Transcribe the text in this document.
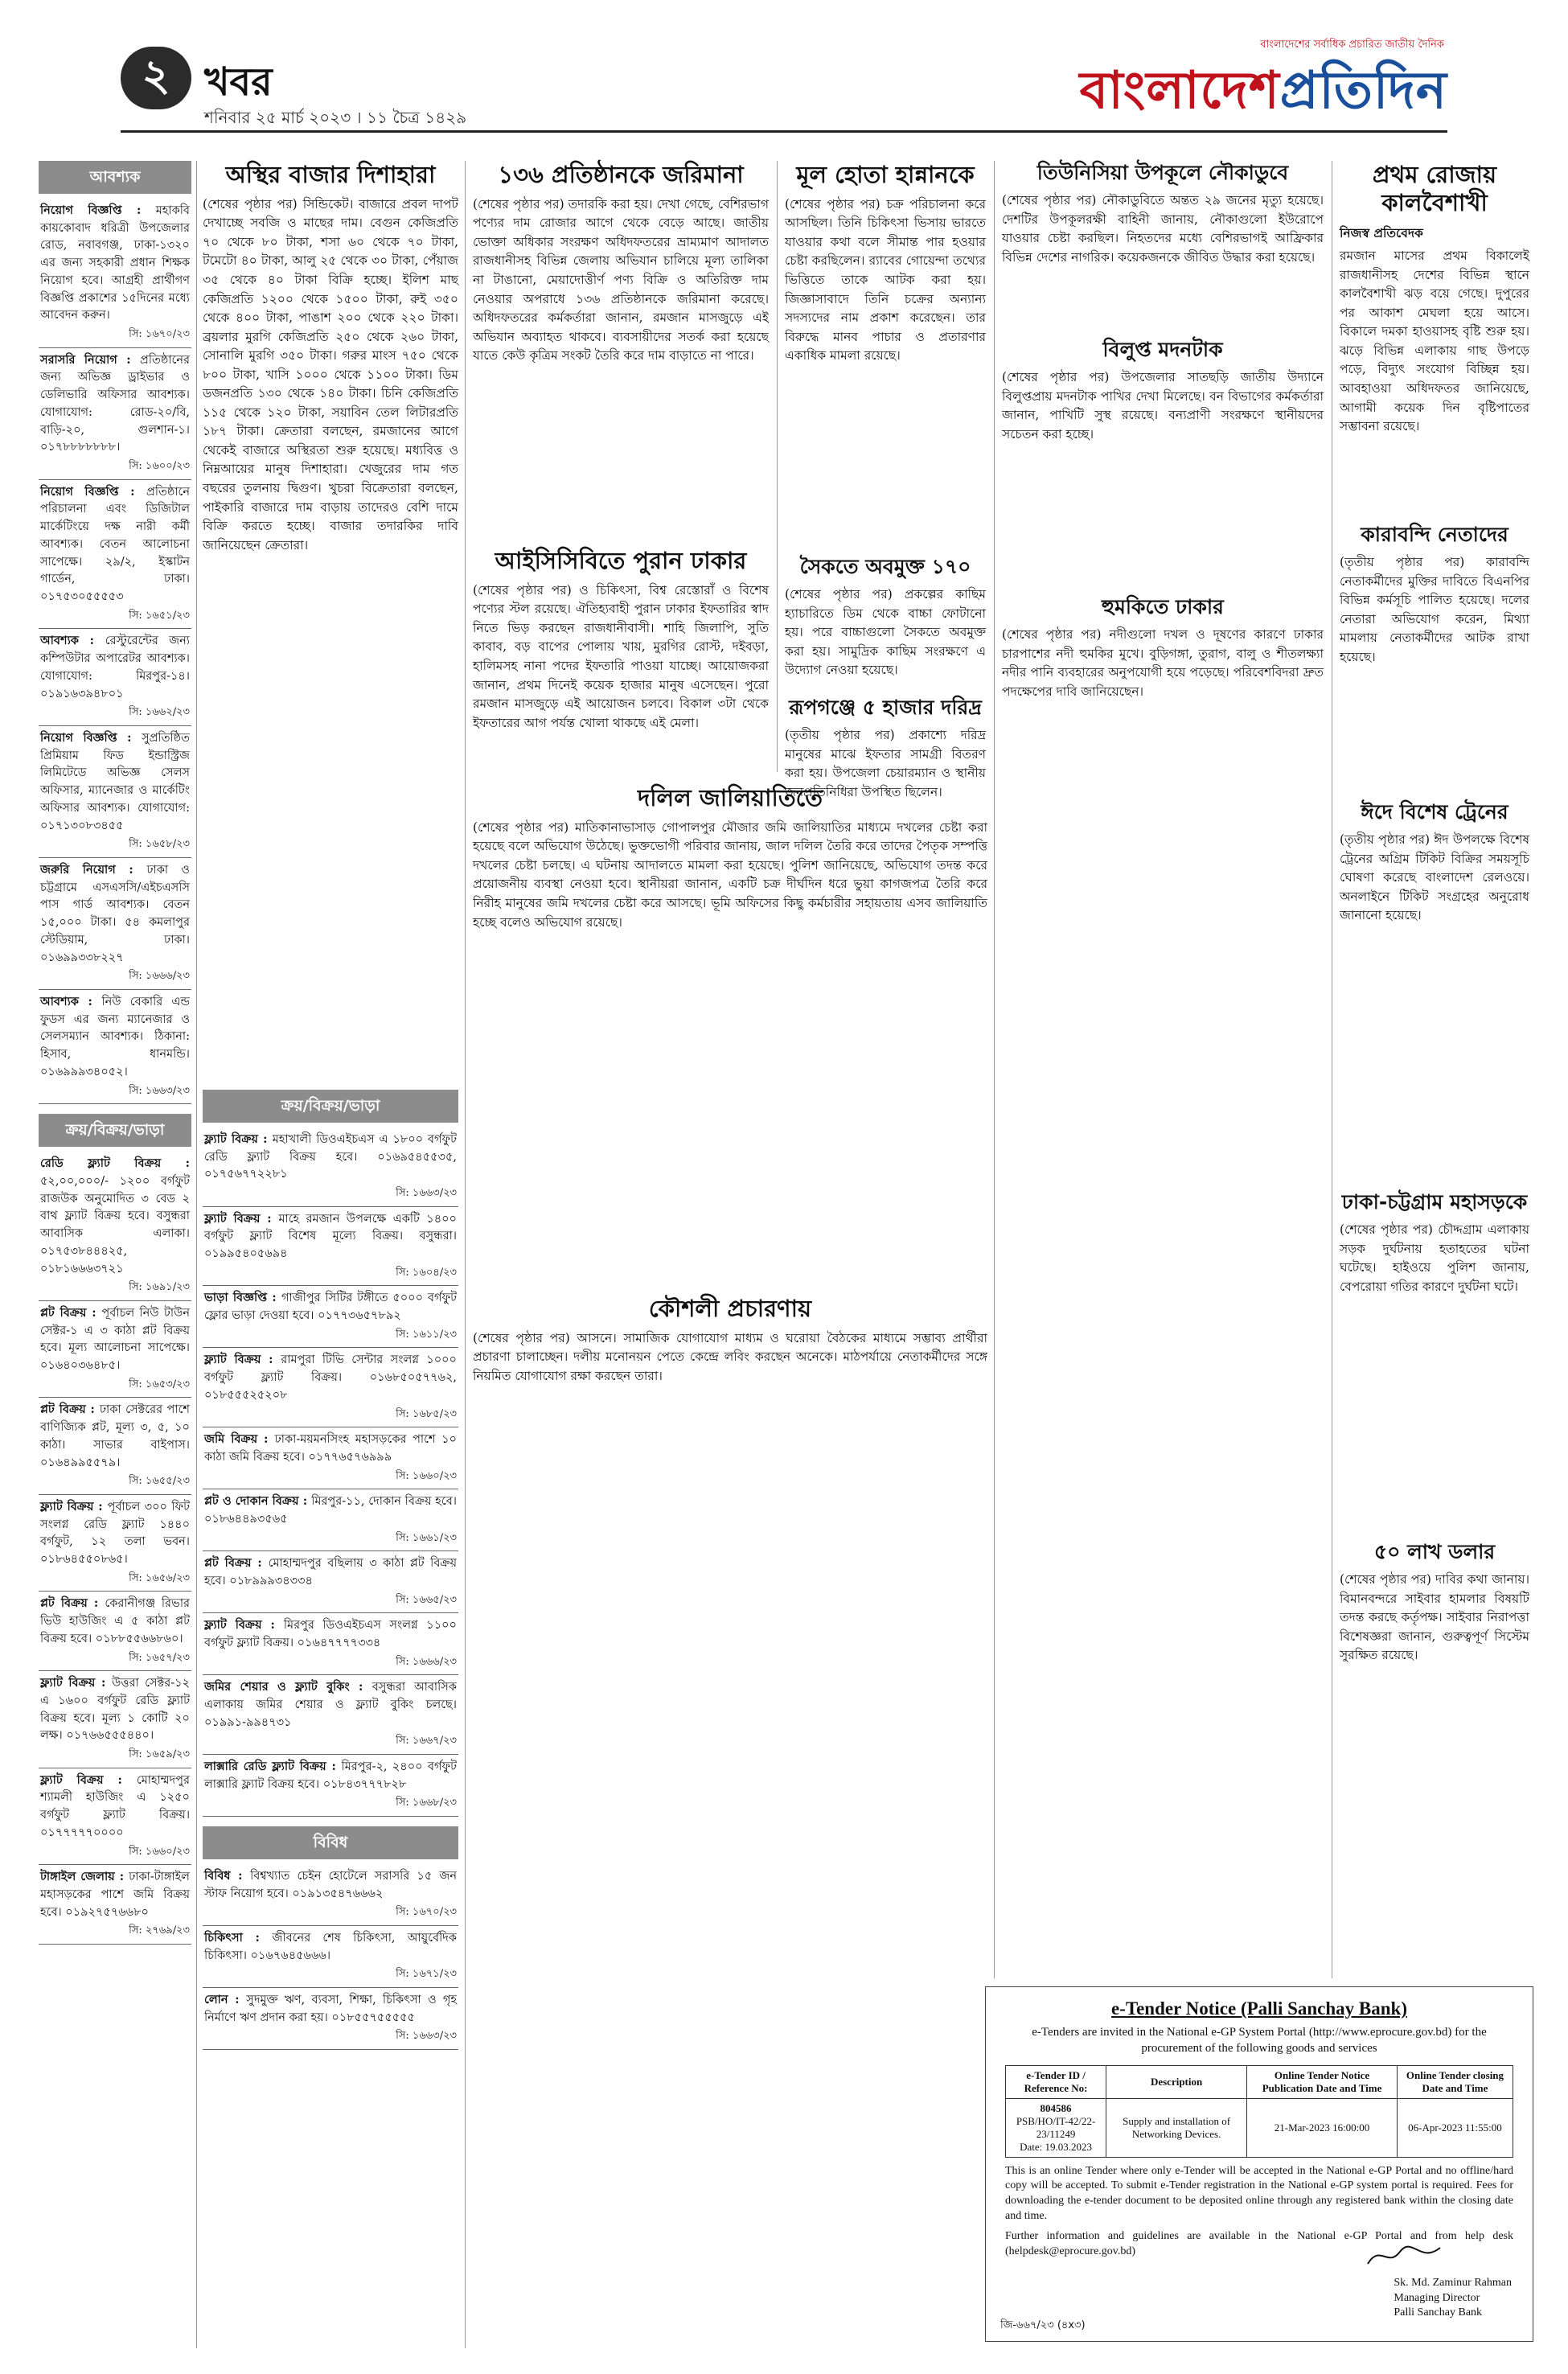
২ খবর
শনিবার ২৫ মার্চ ২০২৩ । ১১ চৈত্র ১৪২৯
বাংলাদেশের সর্বাধিক প্রচারিত জাতীয় দৈনিক
বাংলাদেশপ্রতিদিন
আবশ্যক
নিয়োগ বিজ্ঞপ্তি : মহাকবি কায়কোবাদ ধরিত্রী উপজেলার রোড, নবাবগঞ্জ, ঢাকা-১৩২০ এর জন্য সহকারী প্রধান শিক্ষক নিয়োগ হবে। আগ্রহী প্রার্থীগণ বিজ্ঞপ্তি প্রকাশের ১৫দিনের মধ্যে আবেদন করুন।
সি: ১৬৭০/২৩
সরাসরি নিয়োগ : প্রতিষ্ঠানের জন্য অভিজ্ঞ ড্রাইভার ও ডেলিভারি অফিসার আবশ্যক। যোগাযোগ: রোড-২০/বি, বাড়ি-২০, গুলশান-১। ০১৭৮৮৮৮৮৮৮।
সি: ১৬০০/২৩
নিয়োগ বিজ্ঞপ্তি : প্রতিষ্ঠানে পরিচালনা এবং ডিজিটাল মার্কেটিংয়ে দক্ষ নারী কর্মী আবশ্যক। বেতন আলোচনা সাপেক্ষে। ২৯/২, ইস্কাটন গার্ডেন, ঢাকা। ০১৭৫৩০৫৫৫৫৩
সি: ১৬৫১/২৩
আবশ্যক : রেস্টুরেন্টের জন্য কম্পিউটার অপারেটর আবশ্যক। যোগাযোগ: মিরপুর-১৪। ০১৯১৬৩৯৪৮০১
সি: ১৬৬২/২৩
নিয়োগ বিজ্ঞপ্তি : সুপ্রতিষ্ঠিত প্রিমিয়াম ফিড ইন্ডাস্ট্রিজ লিমিটেডে অভিজ্ঞ সেলস অফিসার, ম্যানেজার ও মার্কেটিং অফিসার আবশ্যক। যোগাযোগ: ০১৭১৩০৮৩৪৫৫
সি: ১৬৫৮/২৩
জরুরি নিয়োগ : ঢাকা ও চট্টগ্রামে এসএসসি/এইচএসসি পাস গার্ড আবশ্যক। বেতন ১৫,০০০ টাকা। ৫৪ কমলাপুর স্টেডিয়াম, ঢাকা। ০১৬৯৯৩৩৮২২৭
সি: ১৬৬৬/২৩
আবশ্যক : নিউ বেকারি এন্ড ফুডস এর জন্য ম্যানেজার ও সেলসম্যান আবশ্যক। ঠিকানা: হিসাব, ধানমন্ডি। ০১৬৯৯৯৩৪০৫২।
সি: ১৬৬৩/২৩
ক্রয়/বিক্রয়/ভাড়া
রেডি ফ্ল্যাট বিক্রয় : ৫২,০০,০০০/- ১২০০ বর্গফুট রাজউক অনুমোদিত ৩ বেড ২ বাথ ফ্ল্যাট বিক্রয় হবে। বসুন্ধরা আবাসিক এলাকা। ০১৭৫৩৮৪৪৪২৫, ০১৮১৬৬৬৩৭২১
সি: ১৬৯১/২৩
প্লট বিক্রয় : পূর্বাচল নিউ টাউন সেক্টর-১ এ ৩ কাঠা প্লট বিক্রয় হবে। মূল্য আলোচনা সাপেক্ষে। ০১৬৪০৩৬৪৮৫।
সি: ১৬৫৩/২৩
প্লট বিক্রয় : ঢাকা সেক্টরের পাশে বাণিজ্যিক প্লট, মূল্য ৩, ৫, ১০ কাঠা। সাভার বাইপাস। ০১৬৪৯৯৫৫৭৯।
সি: ১৬৫৫/২৩
ফ্ল্যাট বিক্রয় : পূর্বাচল ৩০০ ফিট সংলগ্ন রেডি ফ্ল্যাট ১৪৪০ বর্গফুট, ১২ তলা ভবন। ০১৮৬৪৫৫০৮৬৫।
সি: ১৬৫৬/২৩
প্লট বিক্রয় : কেরানীগঞ্জ রিভার ভিউ হাউজিং এ ৫ কাঠা প্লট বিক্রয় হবে। ০১৮৮৫৫৬৬৮৬০।
সি: ১৬৫৭/২৩
ফ্ল্যাট বিক্রয় : উত্তরা সেক্টর-১২ এ ১৬০০ বর্গফুট রেডি ফ্ল্যাট বিক্রয় হবে। মূল্য ১ কোটি ২০ লক্ষ। ০১৭৬৬৫৫৫৪৪০।
সি: ১৬৫৯/২৩
ফ্ল্যাট বিক্রয় : মোহাম্মদপুর শ্যামলী হাউজিং এ ১২৫০ বর্গফুট ফ্ল্যাট বিক্রয়। ০১৭৭৭৭৭০০০০
সি: ১৬৬০/২৩
টাঙ্গাইল জেলায় : ঢাকা-টাঙ্গাইল মহাসড়কের পাশে জমি বিক্রয় হবে। ০১৯২৭৫৭৬৬৮০
সি: ২৭৬৯/২৩
অস্থির বাজার দিশাহারা

(শেষের পৃষ্ঠার পর) সিন্ডিকেট। বাজারে প্রবল দাপট দেখাচ্ছে সবজি ও মাছের দাম। বেগুন কেজিপ্রতি ৭০ থেকে ৮০ টাকা, শসা ৬০ থেকে ৭০ টাকা, টমেটো ৪০ টাকা, আলু ২৫ থেকে ৩০ টাকা, পেঁয়াজ ৩৫ থেকে ৪০ টাকা বিক্রি হচ্ছে। ইলিশ মাছ কেজিপ্রতি ১২০০ থেকে ১৫০০ টাকা, রুই ৩৫০ থেকে ৪০০ টাকা, পাঙাশ ২০০ থেকে ২২০ টাকা। ব্রয়লার মুরগি কেজিপ্রতি ২৫০ থেকে ২৬০ টাকা, সোনালি মুরগি ৩৫০ টাকা। গরুর মাংস ৭৫০ থেকে ৮০০ টাকা, খাসি ১০০০ থেকে ১১০০ টাকা। ডিম ডজনপ্রতি ১৩০ থেকে ১৪০ টাকা। চিনি কেজিপ্রতি ১১৫ থেকে ১২০ টাকা, সয়াবিন তেল লিটারপ্রতি ১৮৭ টাকা। ক্রেতারা বলছেন, রমজানের আগে থেকেই বাজারে অস্থিরতা শুরু হয়েছে। মধ্যবিত্ত ও নিম্নআয়ের মানুষ দিশাহারা। খেজুরের দাম গত বছরের তুলনায় দ্বিগুণ। খুচরা বিক্রেতারা বলছেন, পাইকারি বাজারে দাম বাড়ায় তাদেরও বেশি দামে বিক্রি করতে হচ্ছে। বাজার তদারকির দাবি জানিয়েছেন ক্রেতারা।

ক্রয়/বিক্রয়/ভাড়া
ফ্ল্যাট বিক্রয় : মহাখালী ডিওএইচএস এ ১৮০০ বর্গফুট রেডি ফ্ল্যাট বিক্রয় হবে। ০১৬৯৫৪৫৫৩৫, ০১৭৫৬৭৭২২৮১
সি: ১৬৬৩/২৩
ফ্ল্যাট বিক্রয় : মাহে রমজান উপলক্ষে একটি ১৪০০ বর্গফুট ফ্ল্যাট বিশেষ মূল্যে বিক্রয়। বসুন্ধরা। ০১৯৯৫৪০৫৬৯৪
সি: ১৬০৪/২৩
ভাড়া বিজ্ঞপ্তি : গাজীপুর সিটির টঙ্গীতে ৫০০০ বর্গফুট ফ্লোর ভাড়া দেওয়া হবে। ০১৭৭৩৬৫৭৮৯২
সি: ১৬১১/২৩
ফ্ল্যাট বিক্রয় : রামপুরা টিভি সেন্টার সংলগ্ন ১০০০ বর্গফুট ফ্ল্যাট বিক্রয়। ০১৬৮৫০৫৭৭৬২, ০১৮৫৫৫২৫২০৮
সি: ১৬৮৫/২৩
জমি বিক্রয় : ঢাকা-ময়মনসিংহ মহাসড়কের পাশে ১০ কাঠা জমি বিক্রয় হবে। ০১৭৭৬৫৭৬৯৯৯
সি: ১৬৬০/২৩
প্লট ও দোকান বিক্রয় : মিরপুর-১১, দোকান বিক্রয় হবে। ০১৮৬৪৪৯৩৫৬৫
সি: ১৬৬১/২৩
প্লট বিক্রয় : মোহাম্মদপুর বছিলায় ৩ কাঠা প্লট বিক্রয় হবে। ০১৮৯৯৯৩৪৩৩৪
সি: ১৬৬৫/২৩
ফ্ল্যাট বিক্রয় : মিরপুর ডিওএইচএস সংলগ্ন ১১০০ বর্গফুট ফ্ল্যাট বিক্রয়। ০১৬৪৭৭৭৭৩৩৪
সি: ১৬৬৬/২৩
জমির শেয়ার ও ফ্ল্যাট বুকিং : বসুন্ধরা আবাসিক এলাকায় জমির শেয়ার ও ফ্ল্যাট বুকিং চলছে। ০১৯৯১-৯৯৪৭৩১
সি: ১৬৬৭/২৩
লাক্সারি রেডি ফ্ল্যাট বিক্রয় : মিরপুর-২, ২৪০০ বর্গফুট লাক্সারি ফ্ল্যাট বিক্রয় হবে। ০১৮৪৩৭৭৭৮২৮
সি: ১৬৬৮/২৩
বিবিধ
বিবিধ : বিশ্বখ্যাত চেইন হোটেলে সরাসরি ১৫ জন স্টাফ নিয়োগ হবে। ০১৯১৩৫৪৭৬৬৬২
সি: ১৬৭০/২৩
চিকিৎসা : জীবনের শেষ চিকিৎসা, আয়ুর্বেদিক চিকিৎসা। ০১৬৭৬৪৫৬৬৬।
সি: ১৬৭১/২৩
লোন : সুদমুক্ত ঋণ, ব্যবসা, শিক্ষা, চিকিৎসা ও গৃহ নির্মাণে ঋণ প্রদান করা হয়। ০১৮৫৫৭৫৫৫৫৫
সি: ১৬৬৩/২৩
১৩৬ প্রতিষ্ঠানকে জরিমানা

(শেষের পৃষ্ঠার পর) তদারকি করা হয়। দেখা গেছে, বেশিরভাগ পণ্যের দাম রোজার আগে থেকে বেড়ে আছে। জাতীয় ভোক্তা অধিকার সংরক্ষণ অধিদফতরের ভ্রাম্যমাণ আদালত রাজধানীসহ বিভিন্ন জেলায় অভিযান চালিয়ে মূল্য তালিকা না টাঙানো, মেয়াদোত্তীর্ণ পণ্য বিক্রি ও অতিরিক্ত দাম নেওয়ার অপরাধে ১৩৬ প্রতিষ্ঠানকে জরিমানা করেছে। অধিদফতরের কর্মকর্তারা জানান, রমজান মাসজুড়ে এই অভিযান অব্যাহত থাকবে। ব্যবসায়ীদের সতর্ক করা হয়েছে যাতে কেউ কৃত্রিম সংকট তৈরি করে দাম বাড়াতে না পারে।

আইসিসিবিতে পুরান ঢাকার

(শেষের পৃষ্ঠার পর) ও চিকিৎসা, বিশ্ব রেস্তোরাঁ ও বিশেষ পণ্যের স্টল রয়েছে। ঐতিহ্যবাহী পুরান ঢাকার ইফতারির স্বাদ নিতে ভিড় করছেন রাজধানীবাসী। শাহি জিলাপি, সুতি কাবাব, বড় বাপের পোলায় খায়, মুরগির রোস্ট, দইবড়া, হালিমসহ নানা পদের ইফতারি পাওয়া যাচ্ছে। আয়োজকরা জানান, প্রথম দিনেই কয়েক হাজার মানুষ এসেছেন। পুরো রমজান মাসজুড়ে এই আয়োজন চলবে। বিকাল ৩টা থেকে ইফতারের আগ পর্যন্ত খোলা থাকছে এই মেলা।

দলিল জালিয়াতিতে

(শেষের পৃষ্ঠার পর) মাতিকানাভাসাড় গোপালপুর মৌজার জমি জালিয়াতির মাধ্যমে দখলের চেষ্টা করা হয়েছে বলে অভিযোগ উঠেছে। ভুক্তভোগী পরিবার জানায়, জাল দলিল তৈরি করে তাদের পৈতৃক সম্পত্তি দখলের চেষ্টা চলছে। এ ঘটনায় আদালতে মামলা করা হয়েছে। পুলিশ জানিয়েছে, অভিযোগ তদন্ত করে প্রয়োজনীয় ব্যবস্থা নেওয়া হবে। স্থানীয়রা জানান, একটি চক্র দীর্ঘদিন ধরে ভুয়া কাগজপত্র তৈরি করে নিরীহ মানুষের জমি দখলের চেষ্টা করে আসছে। ভূমি অফিসের কিছু কর্মচারীর সহায়তায় এসব জালিয়াতি হচ্ছে বলেও অভিযোগ রয়েছে।

কৌশলী প্রচারণায়

(শেষের পৃষ্ঠার পর) আসনে। সামাজিক যোগাযোগ মাধ্যম ও ঘরোয়া বৈঠকের মাধ্যমে সম্ভাব্য প্রার্থীরা প্রচারণা চালাচ্ছেন। দলীয় মনোনয়ন পেতে কেন্দ্রে লবিং করছেন অনেকে। মাঠপর্যায়ে নেতাকর্মীদের সঙ্গে নিয়মিত যোগাযোগ রক্ষা করছেন তারা।

মূল হোতা হান্নানকে

(শেষের পৃষ্ঠার পর) চক্র পরিচালনা করে আসছিল। তিনি চিকিৎসা ভিসায় ভারতে যাওয়ার কথা বলে সীমান্ত পার হওয়ার চেষ্টা করছিলেন। র‌্যাবের গোয়েন্দা তথ্যের ভিত্তিতে তাকে আটক করা হয়। জিজ্ঞাসাবাদে তিনি চক্রের অন্যান্য সদস্যদের নাম প্রকাশ করেছেন। তার বিরুদ্ধে মানব পাচার ও প্রতারণার একাধিক মামলা রয়েছে।

সৈকতে অবমুক্ত ১৭০

(শেষের পৃষ্ঠার পর) প্রকল্পের কাছিম হ্যাচারিতে ডিম থেকে বাচ্চা ফোটানো হয়। পরে বাচ্চাগুলো সৈকতে অবমুক্ত করা হয়। সামুদ্রিক কাছিম সংরক্ষণে এ উদ্যোগ নেওয়া হয়েছে।

রূপগঞ্জে ৫ হাজার দরিদ্র

(তৃতীয় পৃষ্ঠার পর) প্রকাশ্যে দরিদ্র মানুষের মাঝে ইফতার সামগ্রী বিতরণ করা হয়। উপজেলা চেয়ারম্যান ও স্থানীয় জনপ্রতিনিধিরা উপস্থিত ছিলেন।

তিউনিসিয়া উপকূলে নৌকাডুবে

(শেষের পৃষ্ঠার পর) নৌকাডুবিতে অন্তত ২৯ জনের মৃত্যু হয়েছে। দেশটির উপকূলরক্ষী বাহিনী জানায়, নৌকাগুলো ইউরোপে যাওয়ার চেষ্টা করছিল। নিহতদের মধ্যে বেশিরভাগই আফ্রিকার বিভিন্ন দেশের নাগরিক। কয়েকজনকে জীবিত উদ্ধার করা হয়েছে।

বিলুপ্ত মদনটাক

(শেষের পৃষ্ঠার পর) উপজেলার সাতছড়ি জাতীয় উদ্যানে বিলুপ্তপ্রায় মদনটাক পাখির দেখা মিলেছে। বন বিভাগের কর্মকর্তারা জানান, পাখিটি সুস্থ রয়েছে। বন্যপ্রাণী সংরক্ষণে স্থানীয়দের সচেতন করা হচ্ছে।

হুমকিতে ঢাকার

(শেষের পৃষ্ঠার পর) নদীগুলো দখল ও দূষণের কারণে ঢাকার চারপাশের নদী হুমকির মুখে। বুড়িগঙ্গা, তুরাগ, বালু ও শীতলক্ষ্যা নদীর পানি ব্যবহারের অনুপযোগী হয়ে পড়েছে। পরিবেশবিদরা দ্রুত পদক্ষেপের দাবি জানিয়েছেন।

প্রথম রোজায় কালবৈশাখী
নিজস্ব প্রতিবেদক

রমজান মাসের প্রথম বিকালেই রাজধানীসহ দেশের বিভিন্ন স্থানে কালবৈশাখী ঝড় বয়ে গেছে। দুপুরের পর আকাশ মেঘলা হয়ে আসে। বিকালে দমকা হাওয়াসহ বৃষ্টি শুরু হয়। ঝড়ে বিভিন্ন এলাকায় গাছ উপড়ে পড়ে, বিদ্যুৎ সংযোগ বিচ্ছিন্ন হয়। আবহাওয়া অধিদফতর জানিয়েছে, আগামী কয়েক দিন বৃষ্টিপাতের সম্ভাবনা রয়েছে।

কারাবন্দি নেতাদের

(তৃতীয় পৃষ্ঠার পর) কারাবন্দি নেতাকর্মীদের মুক্তির দাবিতে বিএনপির বিভিন্ন কর্মসূচি পালিত হয়েছে। দলের নেতারা অভিযোগ করেন, মিথ্যা মামলায় নেতাকর্মীদের আটক রাখা হয়েছে।

ঈদে বিশেষ ট্রেনের

(তৃতীয় পৃষ্ঠার পর) ঈদ উপলক্ষে বিশেষ ট্রেনের অগ্রিম টিকিট বিক্রির সময়সূচি ঘোষণা করেছে বাংলাদেশ রেলওয়ে। অনলাইনে টিকিট সংগ্রহের অনুরোধ জানানো হয়েছে।

ঢাকা-চট্টগ্রাম মহাসড়কে

(শেষের পৃষ্ঠার পর) চৌদ্দগ্রাম এলাকায় সড়ক দুর্ঘটনায় হতাহতের ঘটনা ঘটেছে। হাইওয়ে পুলিশ জানায়, বেপরোয়া গতির কারণে দুর্ঘটনা ঘটে।

৫০ লাখ ডলার

(শেষের পৃষ্ঠার পর) দাবির কথা জানায়। বিমানবন্দরে সাইবার হামলার বিষয়টি তদন্ত করছে কর্তৃপক্ষ। সাইবার নিরাপত্তা বিশেষজ্ঞরা জানান, গুরুত্বপূর্ণ সিস্টেম সুরক্ষিত রয়েছে।

e-Tender Notice (Palli Sanchay Bank)
e-Tenders are invited in the National e-GP System Portal (http://www.eprocure.gov.bd) for the procurement of the following goods and services
e-Tender ID / Reference No:	Description	Online Tender Notice Publication Date and Time	Online Tender closing Date and Time

804586
PSB/HO/IT-42/22-23/11249
Date: 19.03.2023	Supply and installation of Networking Devices.	21-Mar-2023 16:00:00	06-Apr-2023 11:55:00
This is an online Tender where only e-Tender will be accepted in the National e-GP Portal and no offline/hard copy will be accepted. To submit e-Tender registration in the National e-GP system portal is required. Fees for downloading the e-tender document to be deposited online through any registered bank within the closing date and time.
Further information and guidelines are available in the National e-GP Portal and from help desk (helpdesk@eprocure.gov.bd)
Sk. Md. Zaminur Rahman
Managing Director
Palli Sanchay Bank
জি-৬৬৭/২৩ (৪x৩)
